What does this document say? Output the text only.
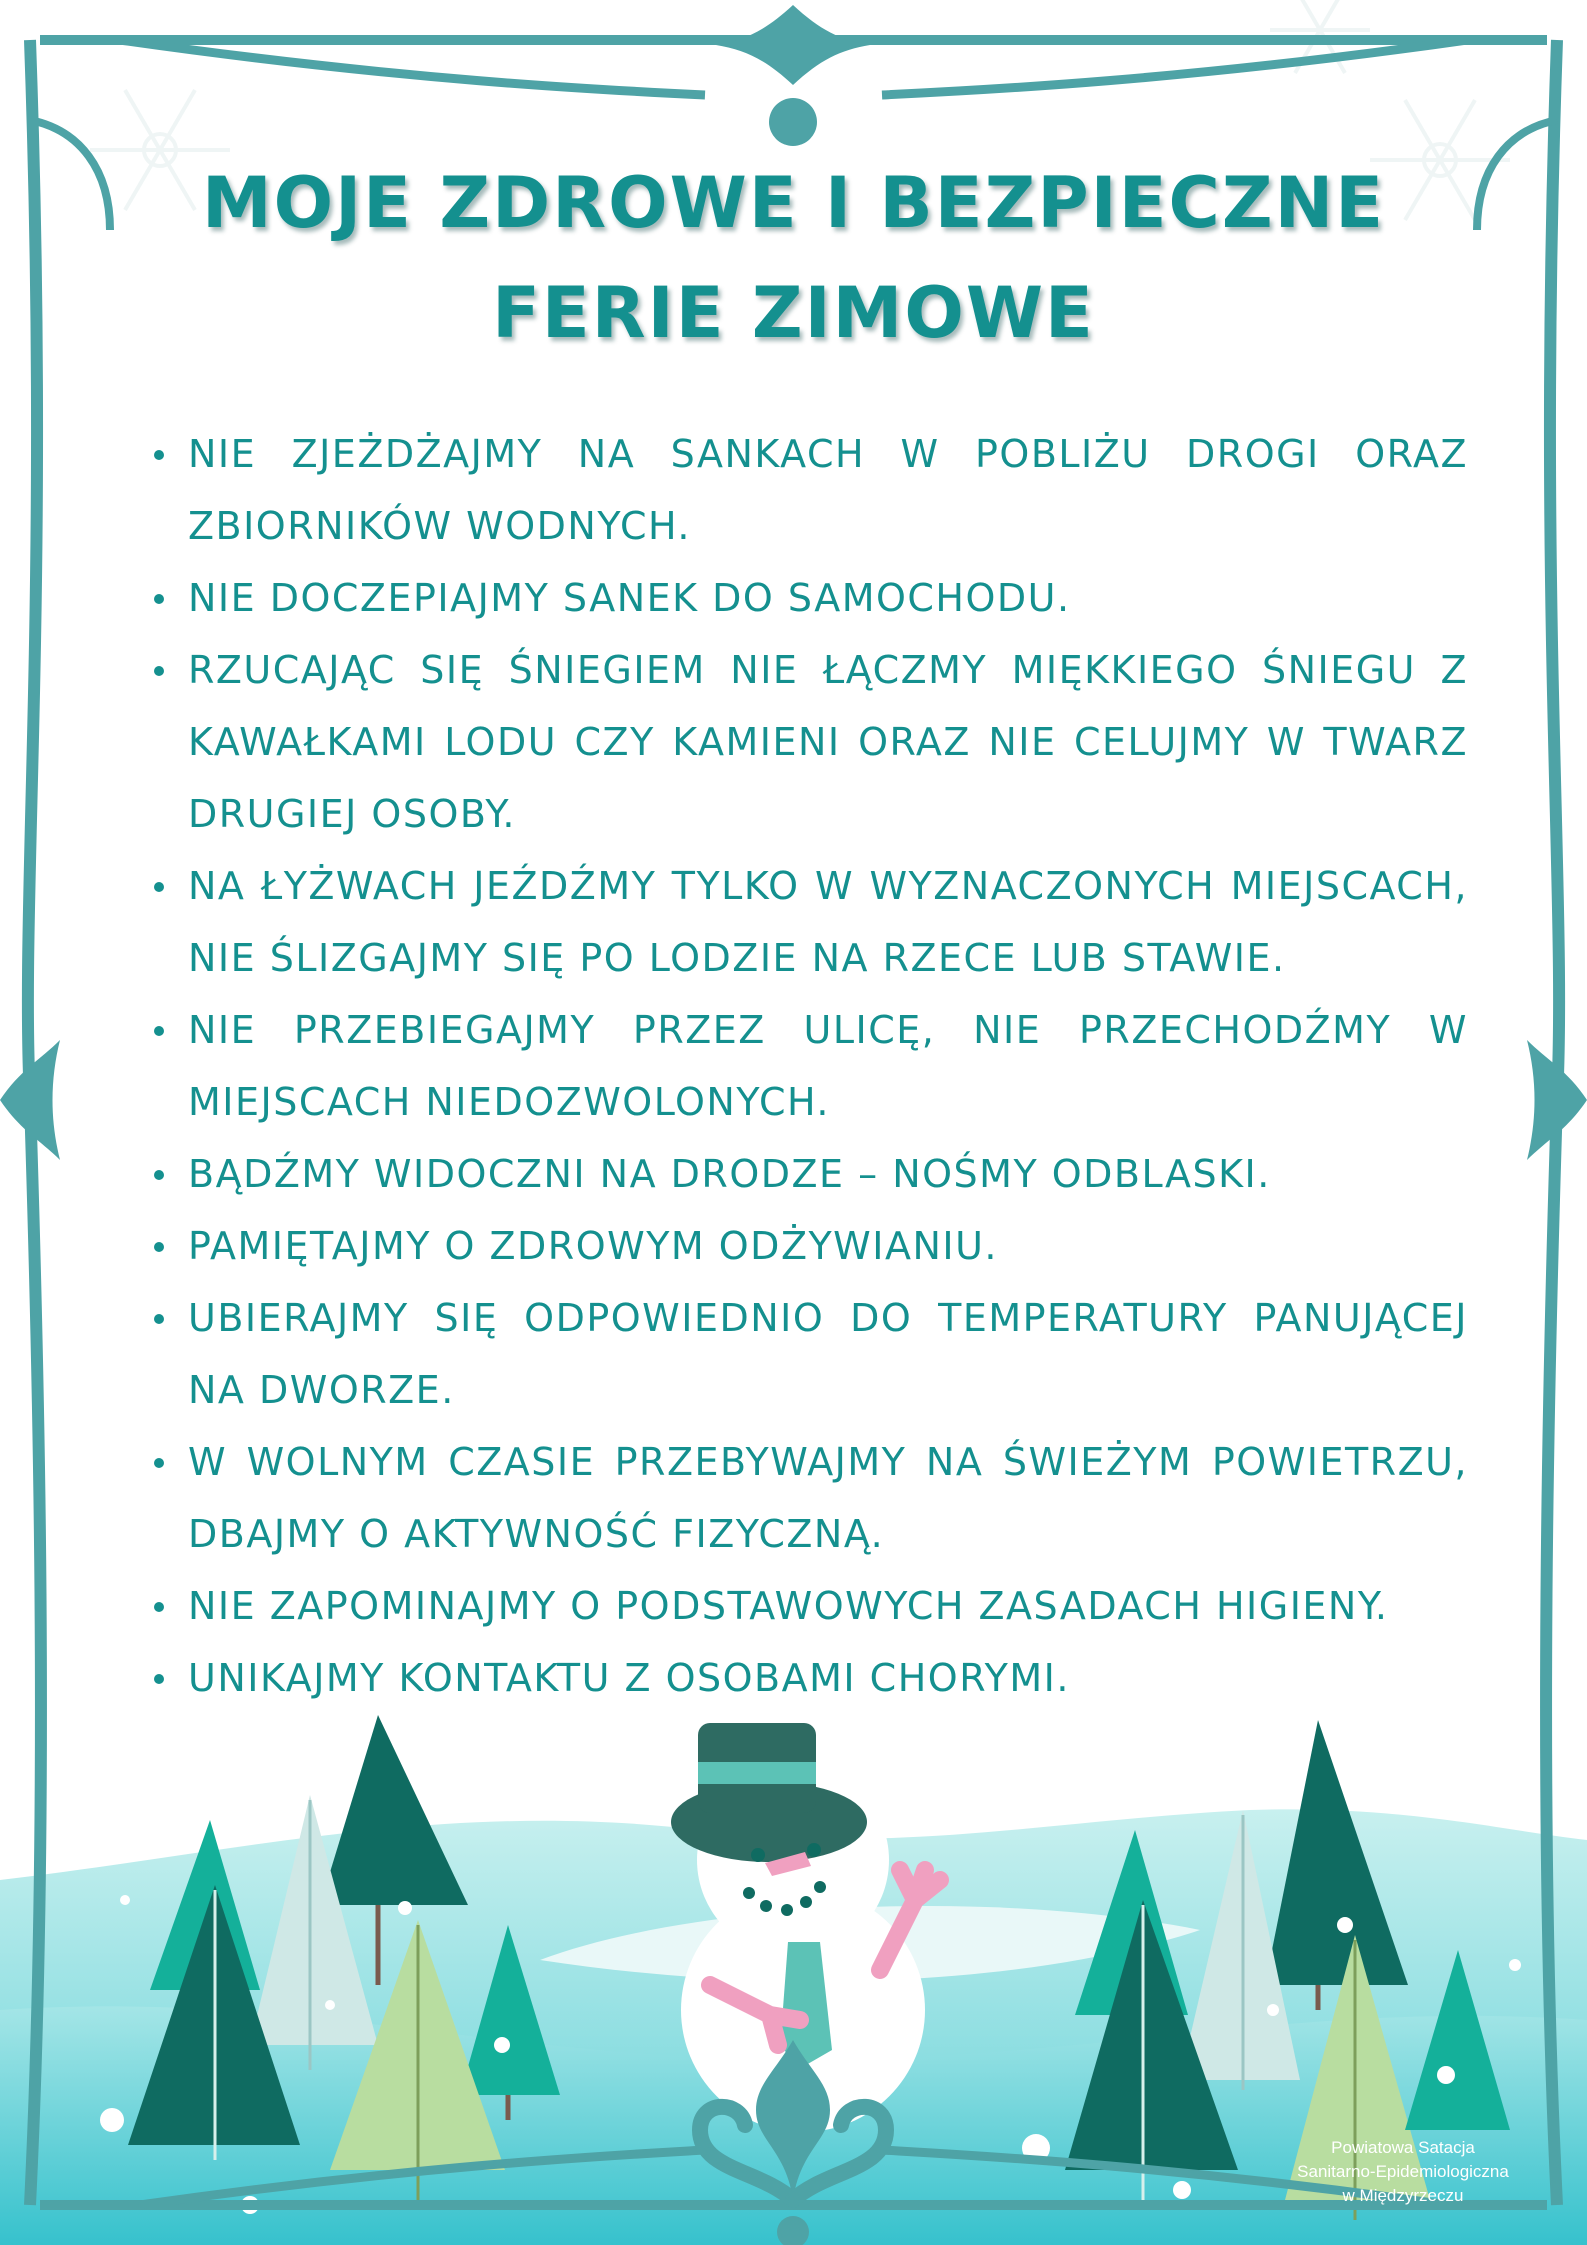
MOJE ZDROWE I BEZPIECZNE
FERIE ZIMOWE
NIE ZJEŻDŻAJMY NA SANKACH W POBLIŻU DROGI ORAZ ZBIORNIKÓW WODNYCH.
NIE DOCZEPIAJMY SANEK DO SAMOCHODU.
RZUCAJĄC SIĘ ŚNIEGIEM NIE ŁĄCZMY MIĘKKIEGO ŚNIEGU Z KAWAŁKAMI LODU CZY KAMIENI ORAZ NIE CELUJMY W TWARZ DRUGIEJ OSOBY.
NA ŁYŻWACH JEŹDŹMY TYLKO W WYZNACZONYCH MIEJSCACH, NIE ŚLIZGAJMY SIĘ PO LODZIE NA RZECE LUB STAWIE.
NIE PRZEBIEGAJMY PRZEZ ULICĘ, NIE PRZECHODŹMY W MIEJSCACH NIEDOZWOLONYCH.
BĄDŹMY WIDOCZNI NA DRODZE – NOŚMY ODBLASKI.
PAMIĘTAJMY O ZDROWYM ODŻYWIANIU.
UBIERAJMY SIĘ ODPOWIEDNIO DO TEMPERATURY PANUJĄCEJ NA DWORZE.
W WOLNYM CZASIE PRZEBYWAJMY NA ŚWIEŻYM POWIETRZU, DBAJMY O AKTYWNOŚĆ FIZYCZNĄ.
NIE ZAPOMINAJMY O PODSTAWOWYCH ZASADACH HIGIENY.
UNIKAJMY KONTAKTU Z OSOBAMI CHORYMI.
Powiatowa Satacja
Sanitarno-Epidemiologiczna
w Międzyrzeczu
